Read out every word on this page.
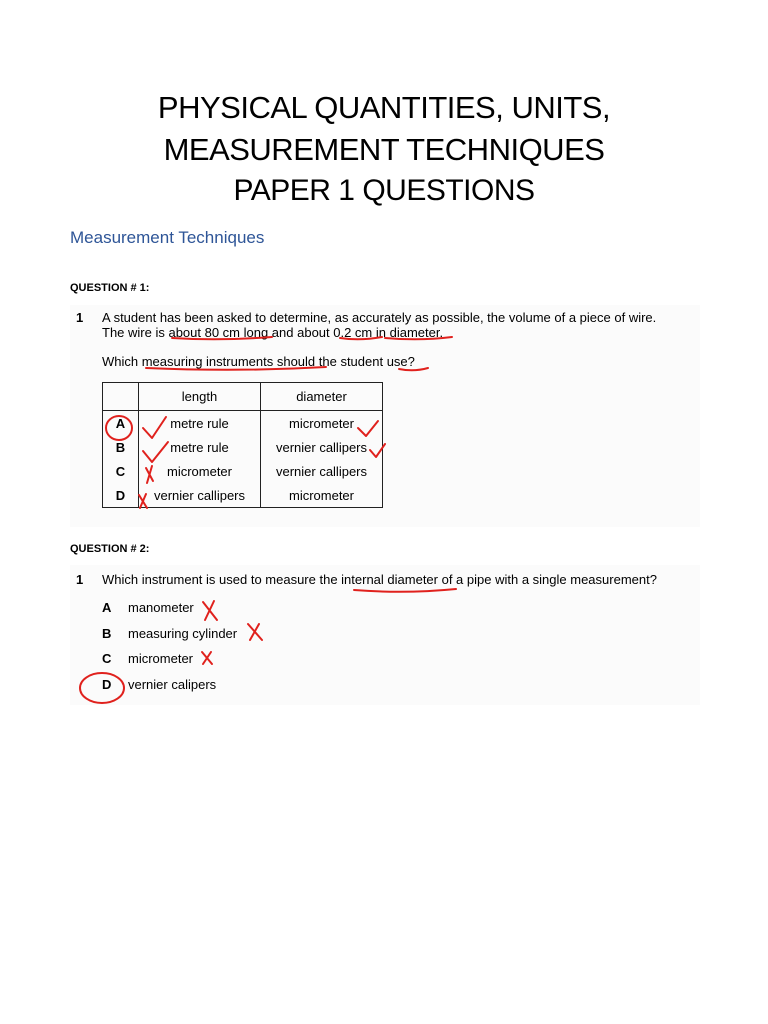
PHYSICAL QUANTITIES, UNITS,
MEASUREMENT TECHNIQUES
PAPER 1 QUESTIONS
Measurement Techniques
QUESTION # 1:
1 A student has been asked to determine, as accurately as possible, the volume of a piece of wire.
The wire is about 80 cm long and about 0.2 cm in diameter.
Which measuring instruments should the student use?
	length	diameter
A	metre rule	micrometer
B	metre rule	vernier callipers
C	micrometer	vernier callipers
D	vernier callipers	micrometer
QUESTION # 2:
1 Which instrument is used to measure the internal diameter of a pipe with a single measurement?
A manometer
B measuring cylinder
C micrometer
D vernier calipers
